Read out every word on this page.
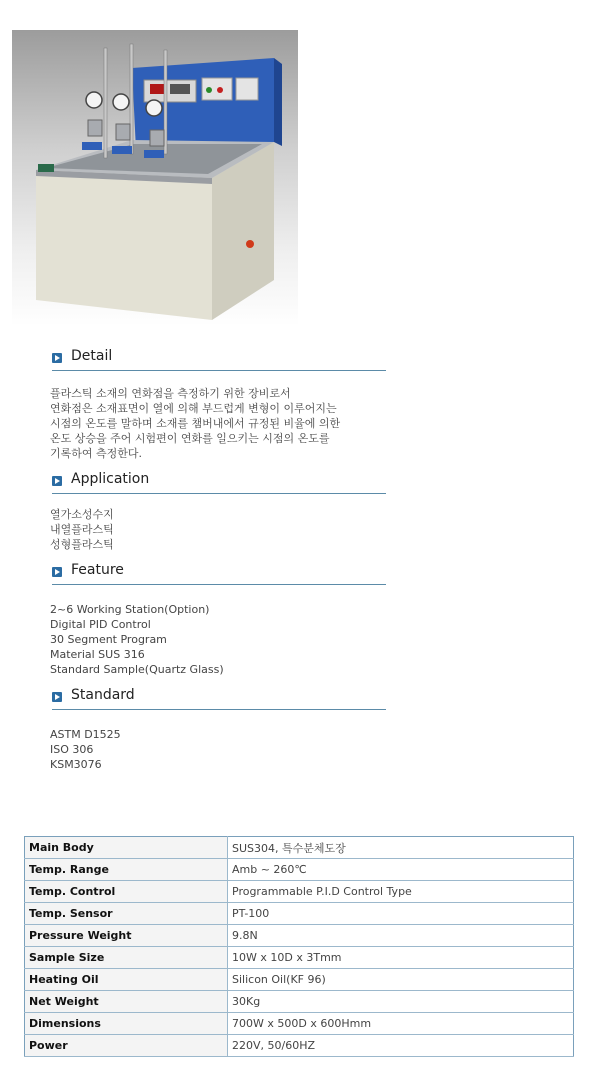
Detail
플라스틱 소재의 연화점을 측정하기 위한 장비로서
연화점은 소재표면이 열에 의해 부드럽게 변형이 이루어지는
시점의 온도를 말하며 소재를 챔버내에서 규정된 비율에 의한
온도 상승을 주어 시험편이 연화를 일으키는 시점의 온도를
기록하여 측정한다.
Application
열가소성수지
내열플라스틱
성형플라스틱
Feature
2~6 Working Station(Option)
Digital PID Control
30 Segment Program
Material SUS 316
Standard Sample(Quartz Glass)
Standard
ASTM D1525
ISO 306
KSM3076
Main Body	SUS304, 특수분체도장
Temp. Range	Amb ~ 260℃
Temp. Control	Programmable P.I.D Control Type
Temp. Sensor	PT-100
Pressure Weight	9.8N
Sample Size	10W x 10D x 3Tmm
Heating Oil	Silicon Oil(KF 96)
Net Weight	30Kg
Dimensions	700W x 500D x 600Hmm
Power	220V, 50/60HZ
